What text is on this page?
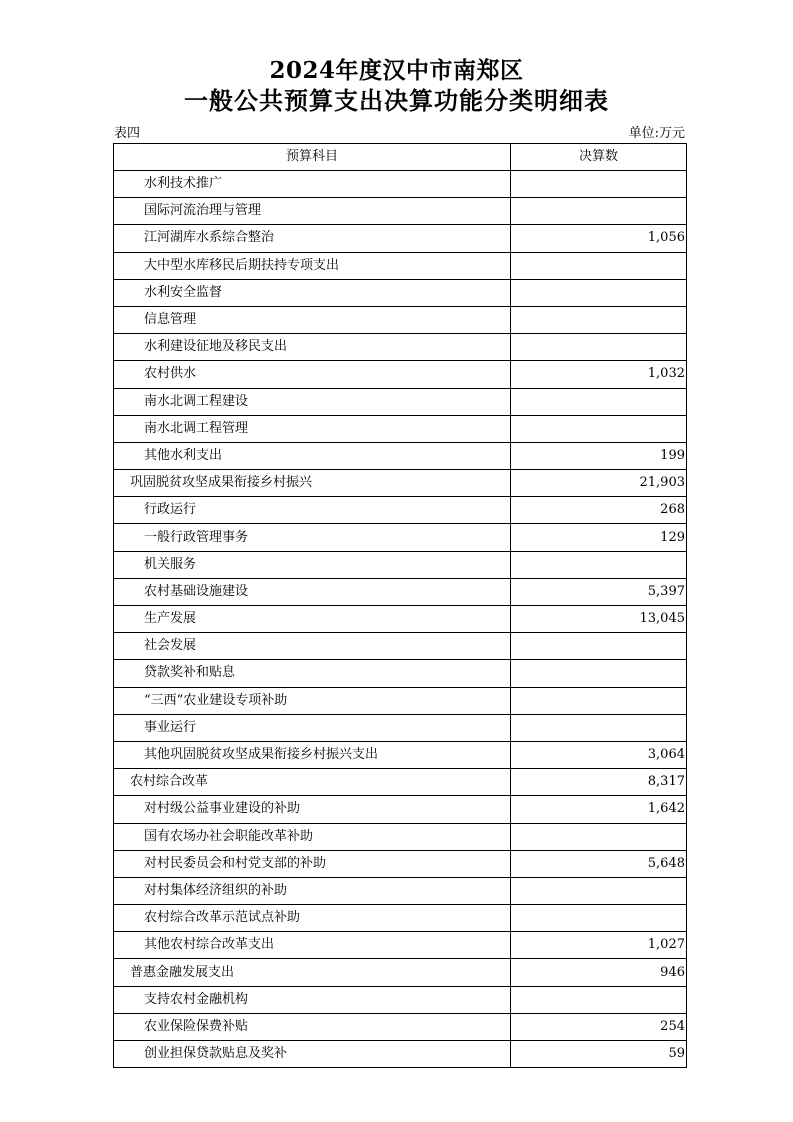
2024年度汉中市南郑区
一般公共预算支出决算功能分类明细表
表四	单位:万元
预算科目	决算数
水利技术推广	
国际河流治理与管理	
江河湖库水系综合整治	1,056
大中型水库移民后期扶持专项支出	
水利安全监督	
信息管理	
水利建设征地及移民支出	
农村供水	1,032
南水北调工程建设	
南水北调工程管理	
其他水利支出	199
巩固脱贫攻坚成果衔接乡村振兴	21,903
行政运行	268
一般行政管理事务	129
机关服务	
农村基础设施建设	5,397
生产发展	13,045
社会发展	
贷款奖补和贴息	
“三西”农业建设专项补助	
事业运行	
其他巩固脱贫攻坚成果衔接乡村振兴支出	3,064
农村综合改革	8,317
对村级公益事业建设的补助	1,642
国有农场办社会职能改革补助	
对村民委员会和村党支部的补助	5,648
对村集体经济组织的补助	
农村综合改革示范试点补助	
其他农村综合改革支出	1,027
普惠金融发展支出	946
支持农村金融机构	
农业保险保费补贴	254
创业担保贷款贴息及奖补	59
